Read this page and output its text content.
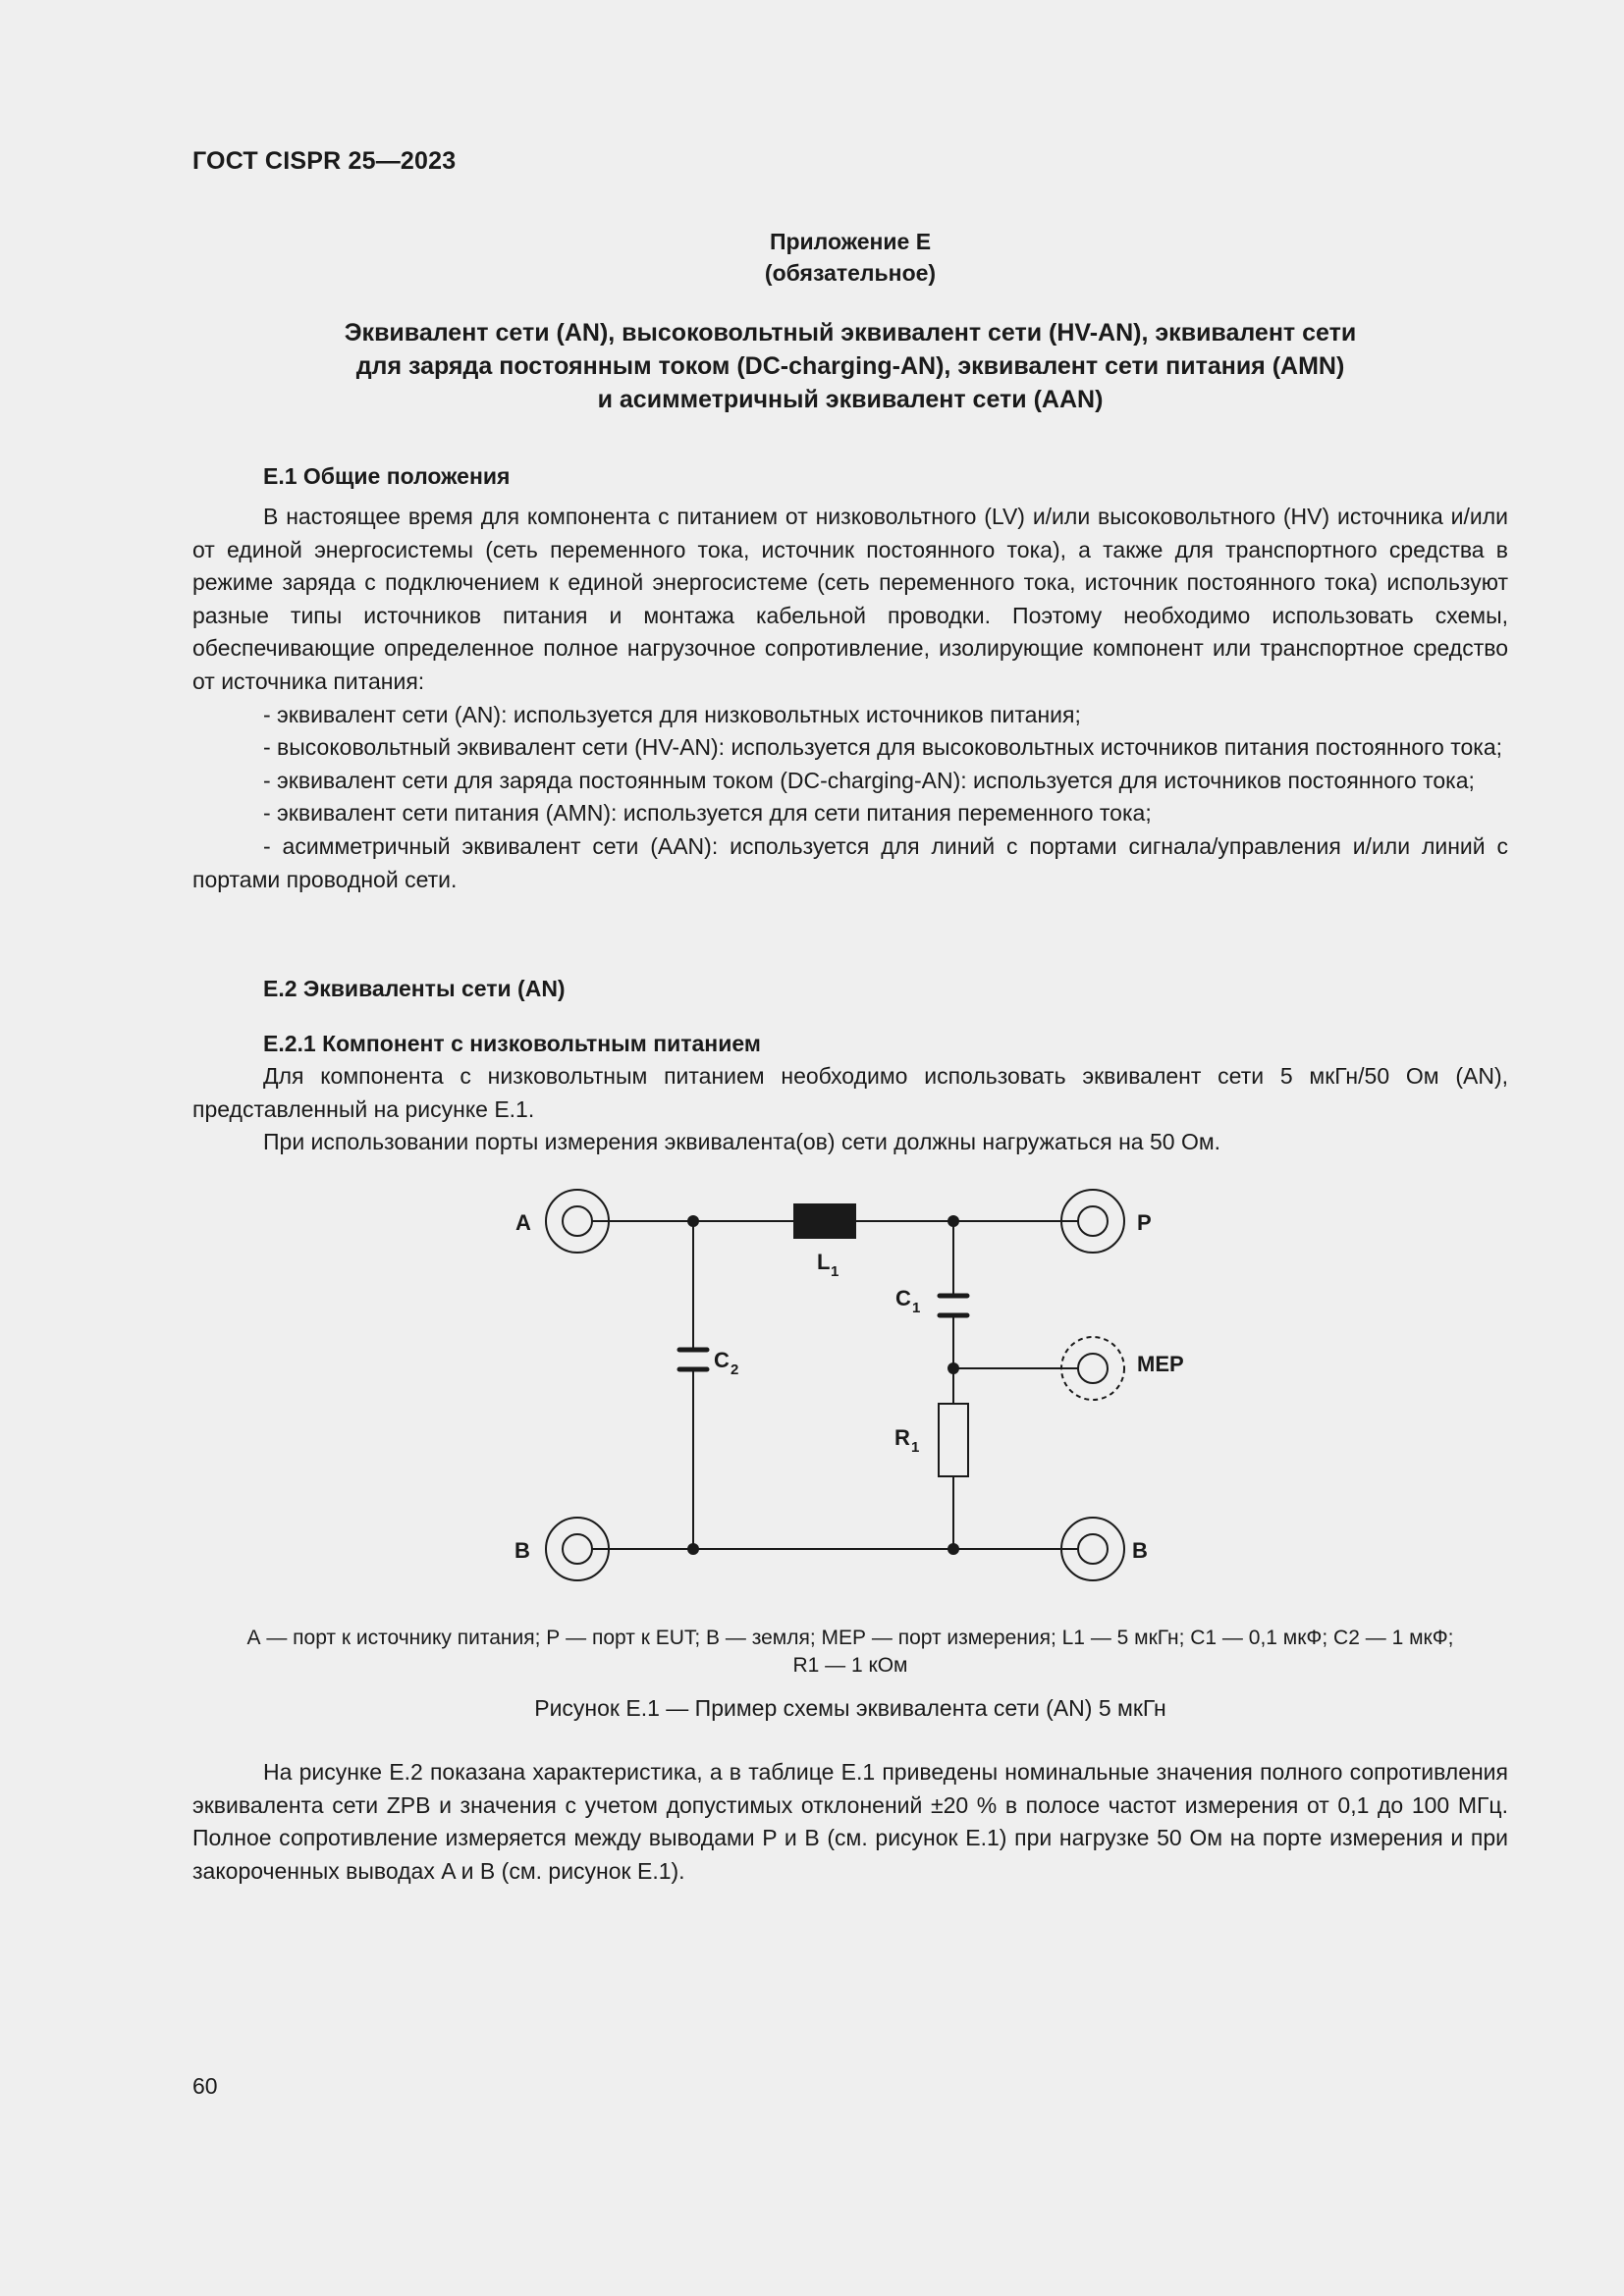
ГОСТ CISPR 25—2023
Приложение Е
(обязательное)
Эквивалент сети (AN), высоковольтный эквивалент сети (HV-AN), эквивалент сети
для заряда постоянным током (DC-charging-AN), эквивалент сети питания (AMN)
и асимметричный эквивалент сети (AAN)
Е.1 Общие положения

В настоящее время для компонента с питанием от низковольтного (LV) и/или высоковольтного (HV) источника и/или от единой энергосистемы (сеть переменного тока, источник постоянного тока), а также для транспортного средства в режиме заряда с подключением к единой энергосистеме (сеть переменного тока, источник постоянного тока) используют разные типы источников питания и монтажа кабельной проводки. Поэтому необходимо использовать схемы, обеспечивающие определенное полное нагрузочное сопротивление, изолирующие компонент или транспортное средство от источника питания:

- эквивалент сети (AN): используется для низковольтных источников питания;

- высоковольтный эквивалент сети (HV-AN): используется для высоковольтных источников питания постоянного тока;

- эквивалент сети для заряда постоянным током (DC-charging-AN): используется для источников постоянного тока;

- эквивалент сети питания (AMN): используется для сети питания переменного тока;

- асимметричный эквивалент сети (AAN): используется для линий с портами сигнала/управления и/или линий с портами проводной сети.

Е.2 Эквиваленты сети (AN)
Е.2.1 Компонент с низковольтным питанием

Для компонента с низковольтным питанием необходимо использовать эквивалент сети 5 мкГн/50 Ом (AN), представленный на рисунке Е.1.

При использовании порты измерения эквивалента(ов) сети должны нагружаться на 50 Ом.

A	P
B	B
MEP
L 1
C 1
C 2
R 1
А — порт к источнику питания; Р — порт к EUT; В — земля; МЕР — порт измерения; L1 — 5 мкГн; C1 — 0,1 мкФ; C2 — 1 мкФ;
R1 — 1 кОм
Рисунок Е.1 — Пример схемы эквивалента сети (AN) 5 мкГн

На рисунке Е.2 показана характеристика, а в таблице Е.1 приведены номинальные значения полного сопротивления эквивалента сети ZPB и значения с учетом допустимых отклонений ±20 % в полосе частот измерения от 0,1 до 100 МГц. Полное сопротивление измеряется между выводами P и B (см. рисунок Е.1) при нагрузке 50 Ом на порте измерения и при закороченных выводах A и B (см. рисунок Е.1).

60
